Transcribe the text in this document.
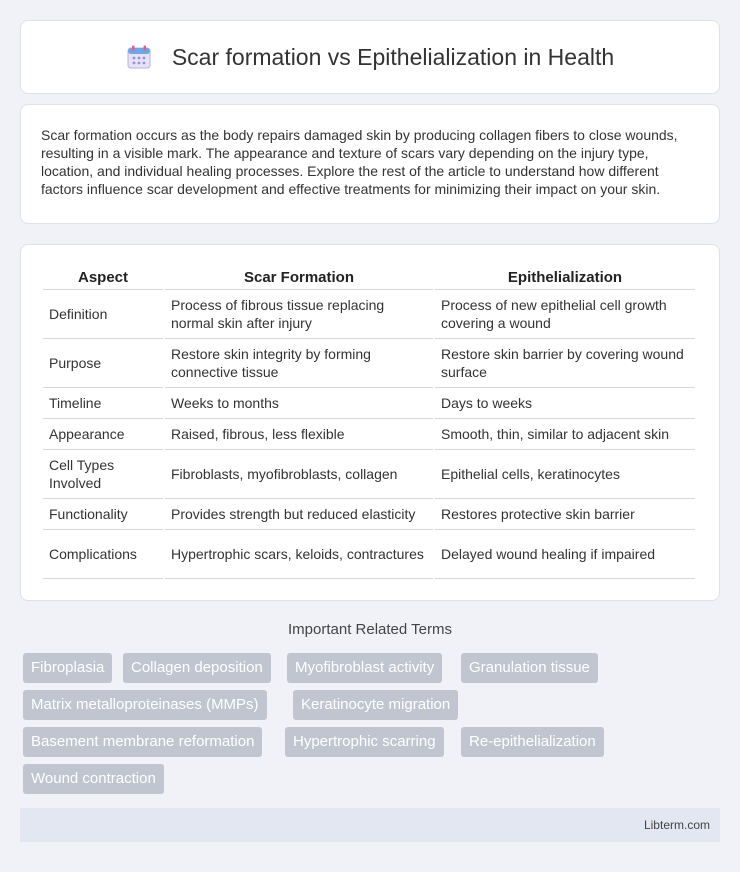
Scar formation vs Epithelialization in Health

Scar formation occurs as the body repairs damaged skin by producing collagen fibers to close wounds, resulting in a visible mark. The appearance and texture of scars vary depending on the injury type, location, and individual healing processes. Explore the rest of the article to understand how different factors influence scar development and effective treatments for minimizing their impact on your skin.

Aspect	Scar Formation	Epithelialization
Definition	Process of fibrous tissue replacing normal skin after injury	Process of new epithelial cell growth covering a wound
Purpose	Restore skin integrity by forming connective tissue	Restore skin barrier by covering wound surface
Timeline	Weeks to months	Days to weeks
Appearance	Raised, fibrous, less flexible	Smooth, thin, similar to adjacent skin
Cell Types Involved	Fibroblasts, myofibroblasts, collagen	Epithelial cells, keratinocytes
Functionality	Provides strength but reduced elasticity	Restores protective skin barrier
Complications	Hypertrophic scars, keloids, contractures	Delayed wound healing if impaired
Important Related Terms
Fibroplasia	Collagen deposition	Myofibroblast activity	Granulation tissue
Matrix metalloproteinases (MMPs)	Keratinocyte migration
Basement membrane reformation	Hypertrophic scarring	Re-epithelialization
Wound contraction
Libterm.com
